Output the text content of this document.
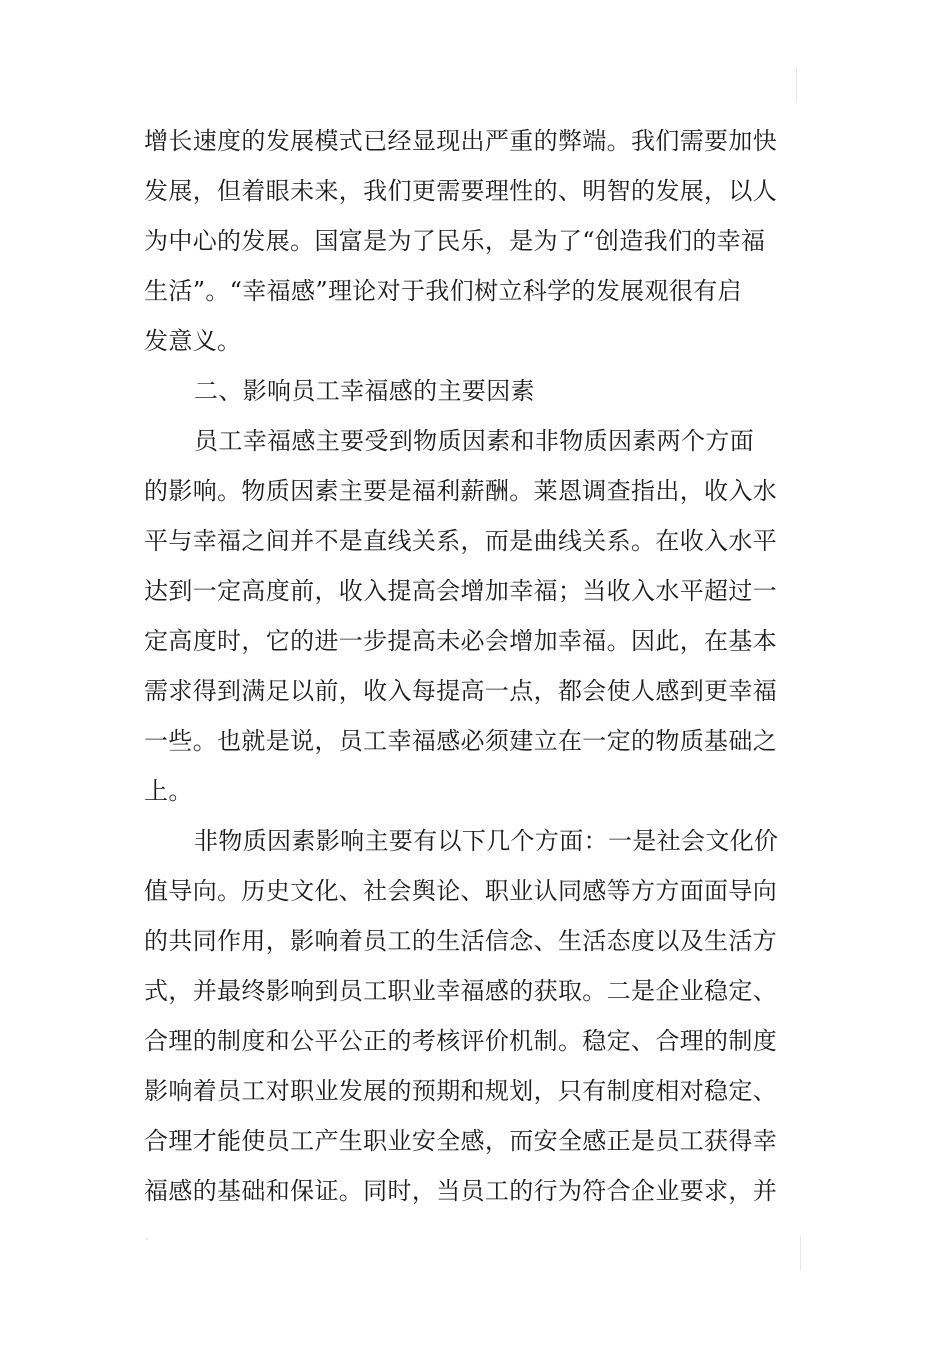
增长速度的发展模式已经显现出严重的弊端。我们需要加快
发展，但着眼未来，我们更需要理性的、明智的发展，以人
为中心的发展。国富是为了民乐，是为了“创造我们的幸福
生活”。“幸福感”理论对于我们树立科学的发展观很有启
发意义。
二、影响员工幸福感的主要因素
员工幸福感主要受到物质因素和非物质因素两个方面
的影响。物质因素主要是福利薪酬。莱恩调查指出，收入水
平与幸福之间并不是直线关系，而是曲线关系。在收入水平
达到一定高度前，收入提高会增加幸福；当收入水平超过一
定高度时，它的进一步提高未必会增加幸福。因此，在基本
需求得到满足以前，收入每提高一点，都会使人感到更幸福
一些。也就是说，员工幸福感必须建立在一定的物质基础之
上。
非物质因素影响主要有以下几个方面：一是社会文化价
值导向。历史文化、社会舆论、职业认同感等方方面面导向
的共同作用，影响着员工的生活信念、生活态度以及生活方
式，并最终影响到员工职业幸福感的获取。二是企业稳定、
合理的制度和公平公正的考核评价机制。稳定、合理的制度
影响着员工对职业发展的预期和规划，只有制度相对稳定、
合理才能使员工产生职业安全感，而安全感正是员工获得幸
福感的基础和保证。同时，当员工的行为符合企业要求，并
